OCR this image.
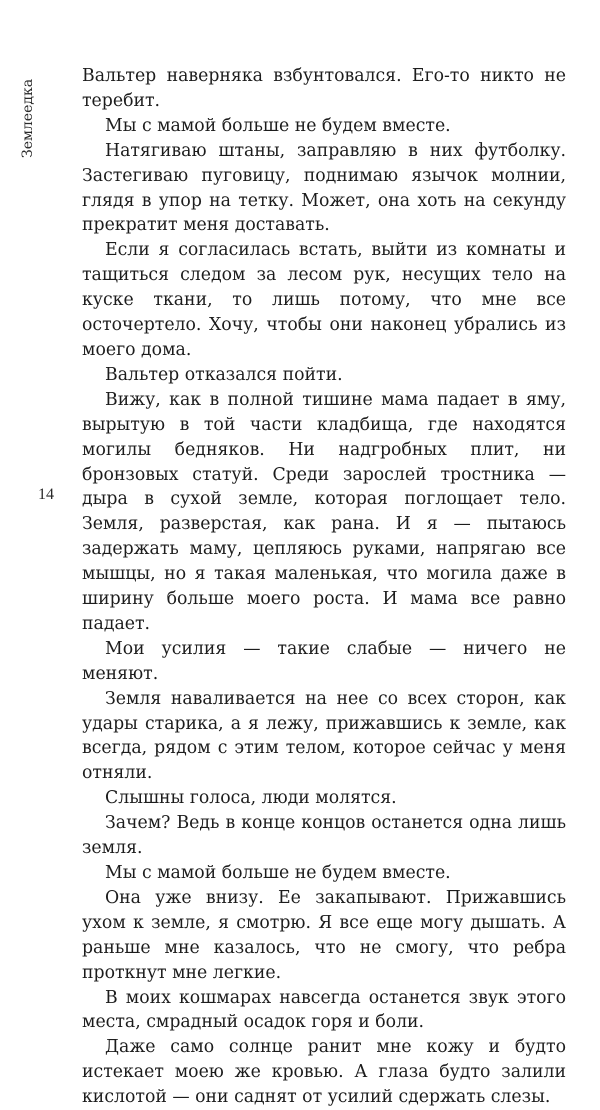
Землеедка
14

Вальтер наверняка взбунтовался. Его-то никто не теребит.

Мы с мамой больше не будем вместе.

Натягиваю штаны, заправляю в них футболку. Застегиваю пуговицу, поднимаю язычок молнии, глядя в упор на тетку. Может, она хоть на секунду прекратит меня доставать.

Если я согласилась встать, выйти из комнаты и тащиться следом за лесом рук, несущих тело на куске ткани, то лишь потому, что мне все осточертело. Хочу, чтобы они наконец убрались из моего дома.

Вальтер отказался пойти.

Вижу, как в полной тишине мама падает в яму, вырытую в той части кладбища, где находятся могилы бедняков. Ни надгробных плит, ни бронзовых статуй. Среди зарослей тростника — дыра в сухой земле, которая поглощает тело. Земля, разверстая, как рана. И я — пытаюсь задержать маму, цепляюсь руками, напрягаю все мышцы, но я такая маленькая, что могила даже в ширину больше моего роста. И мама все равно падает.

Мои усилия — такие слабые — ничего не меняют.

Земля наваливается на нее со всех сторон, как удары старика, а я лежу, прижавшись к земле, как всегда, рядом с этим телом, которое сейчас у меня отняли.

Слышны голоса, люди молятся.

Зачем? Ведь в конце концов останется одна лишь земля.

Мы с мамой больше не будем вместе.

Она уже внизу. Ее закапывают. Прижавшись ухом к земле, я смотрю. Я все еще могу дышать. А раньше мне казалось, что не смогу, что ребра проткнут мне легкие.

В моих кошмарах навсегда останется звук этого места, смрадный осадок горя и боли.

Даже само солнце ранит мне кожу и будто истекает моею же кровью. А глаза будто залили кислотой — они саднят от усилий сдержать слезы.
